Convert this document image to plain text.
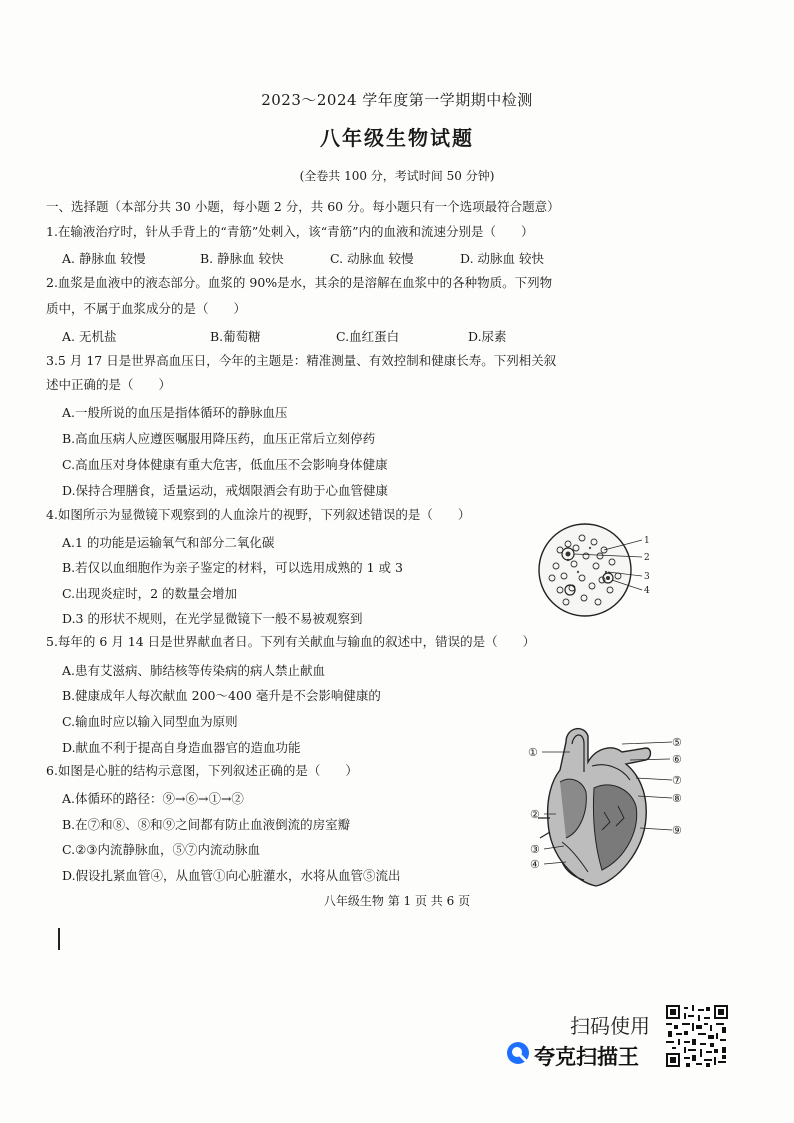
2023～2024 学年度第一学期期中检测
八年级生物试题
(全卷共 100 分，考试时间 50 分钟)
一、选择题（本部分共 30 小题，每小题 2 分，共 60 分。每小题只有一个选项最符合题意）
1.在输液治疗时，针从手背上的“青筋”处刺入，该“青筋”内的血液和流速分别是（　　）
A. 静脉血 较慢	B. 静脉血 较快	C. 动脉血 较慢	D. 动脉血 较快
2.血浆是血液中的液态部分。血浆的 90%是水，其余的是溶解在血浆中的各种物质。下列物
质中，不属于血浆成分的是（　　）
A. 无机盐	B.葡萄糖	C.血红蛋白	D.尿素
3.5 月 17 日是世界高血压日，今年的主题是：精准测量、有效控制和健康长寿。下列相关叙
述中正确的是（　　）
A.一般所说的血压是指体循环的静脉血压
B.高血压病人应遵医嘱服用降压药，血压正常后立刻停药
C.高血压对身体健康有重大危害，低血压不会影响身体健康
D.保持合理膳食，适量运动，戒烟限酒会有助于心血管健康
4.如图所示为显微镜下观察到的人血涂片的视野，下列叙述错误的是（　　）
A.1 的功能是运输氧气和部分二氧化碳
B.若仅以血细胞作为亲子鉴定的材料，可以选用成熟的 1 或 3
C.出现炎症时，2 的数量会增加
D.3 的形状不规则，在光学显微镜下一般不易被观察到
1
2
3
4
5.每年的 6 月 14 日是世界献血者日。下列有关献血与输血的叙述中，错误的是（　　）
A.患有艾滋病、肺结核等传染病的病人禁止献血
B.健康成年人每次献血 200～400 毫升是不会影响健康的
C.输血时应以输入同型血为原则
D.献血不利于提高自身造血器官的造血功能
6.如图是心脏的结构示意图，下列叙述正确的是（　　）
A.体循环的路径：⑨→⑥→①→②
B.在⑦和⑧、⑧和⑨之间都有防止血液倒流的房室瓣
C.②③内流静脉血，⑤⑦内流动脉血
D.假设扎紧血管④，从血管①向心脏灌水，水将从血管⑤流出
①
②
③
④
⑤
⑥
⑦
⑧
⑨
八年级生物 第 1 页 共 6 页
扫码使用
夸克扫描王
